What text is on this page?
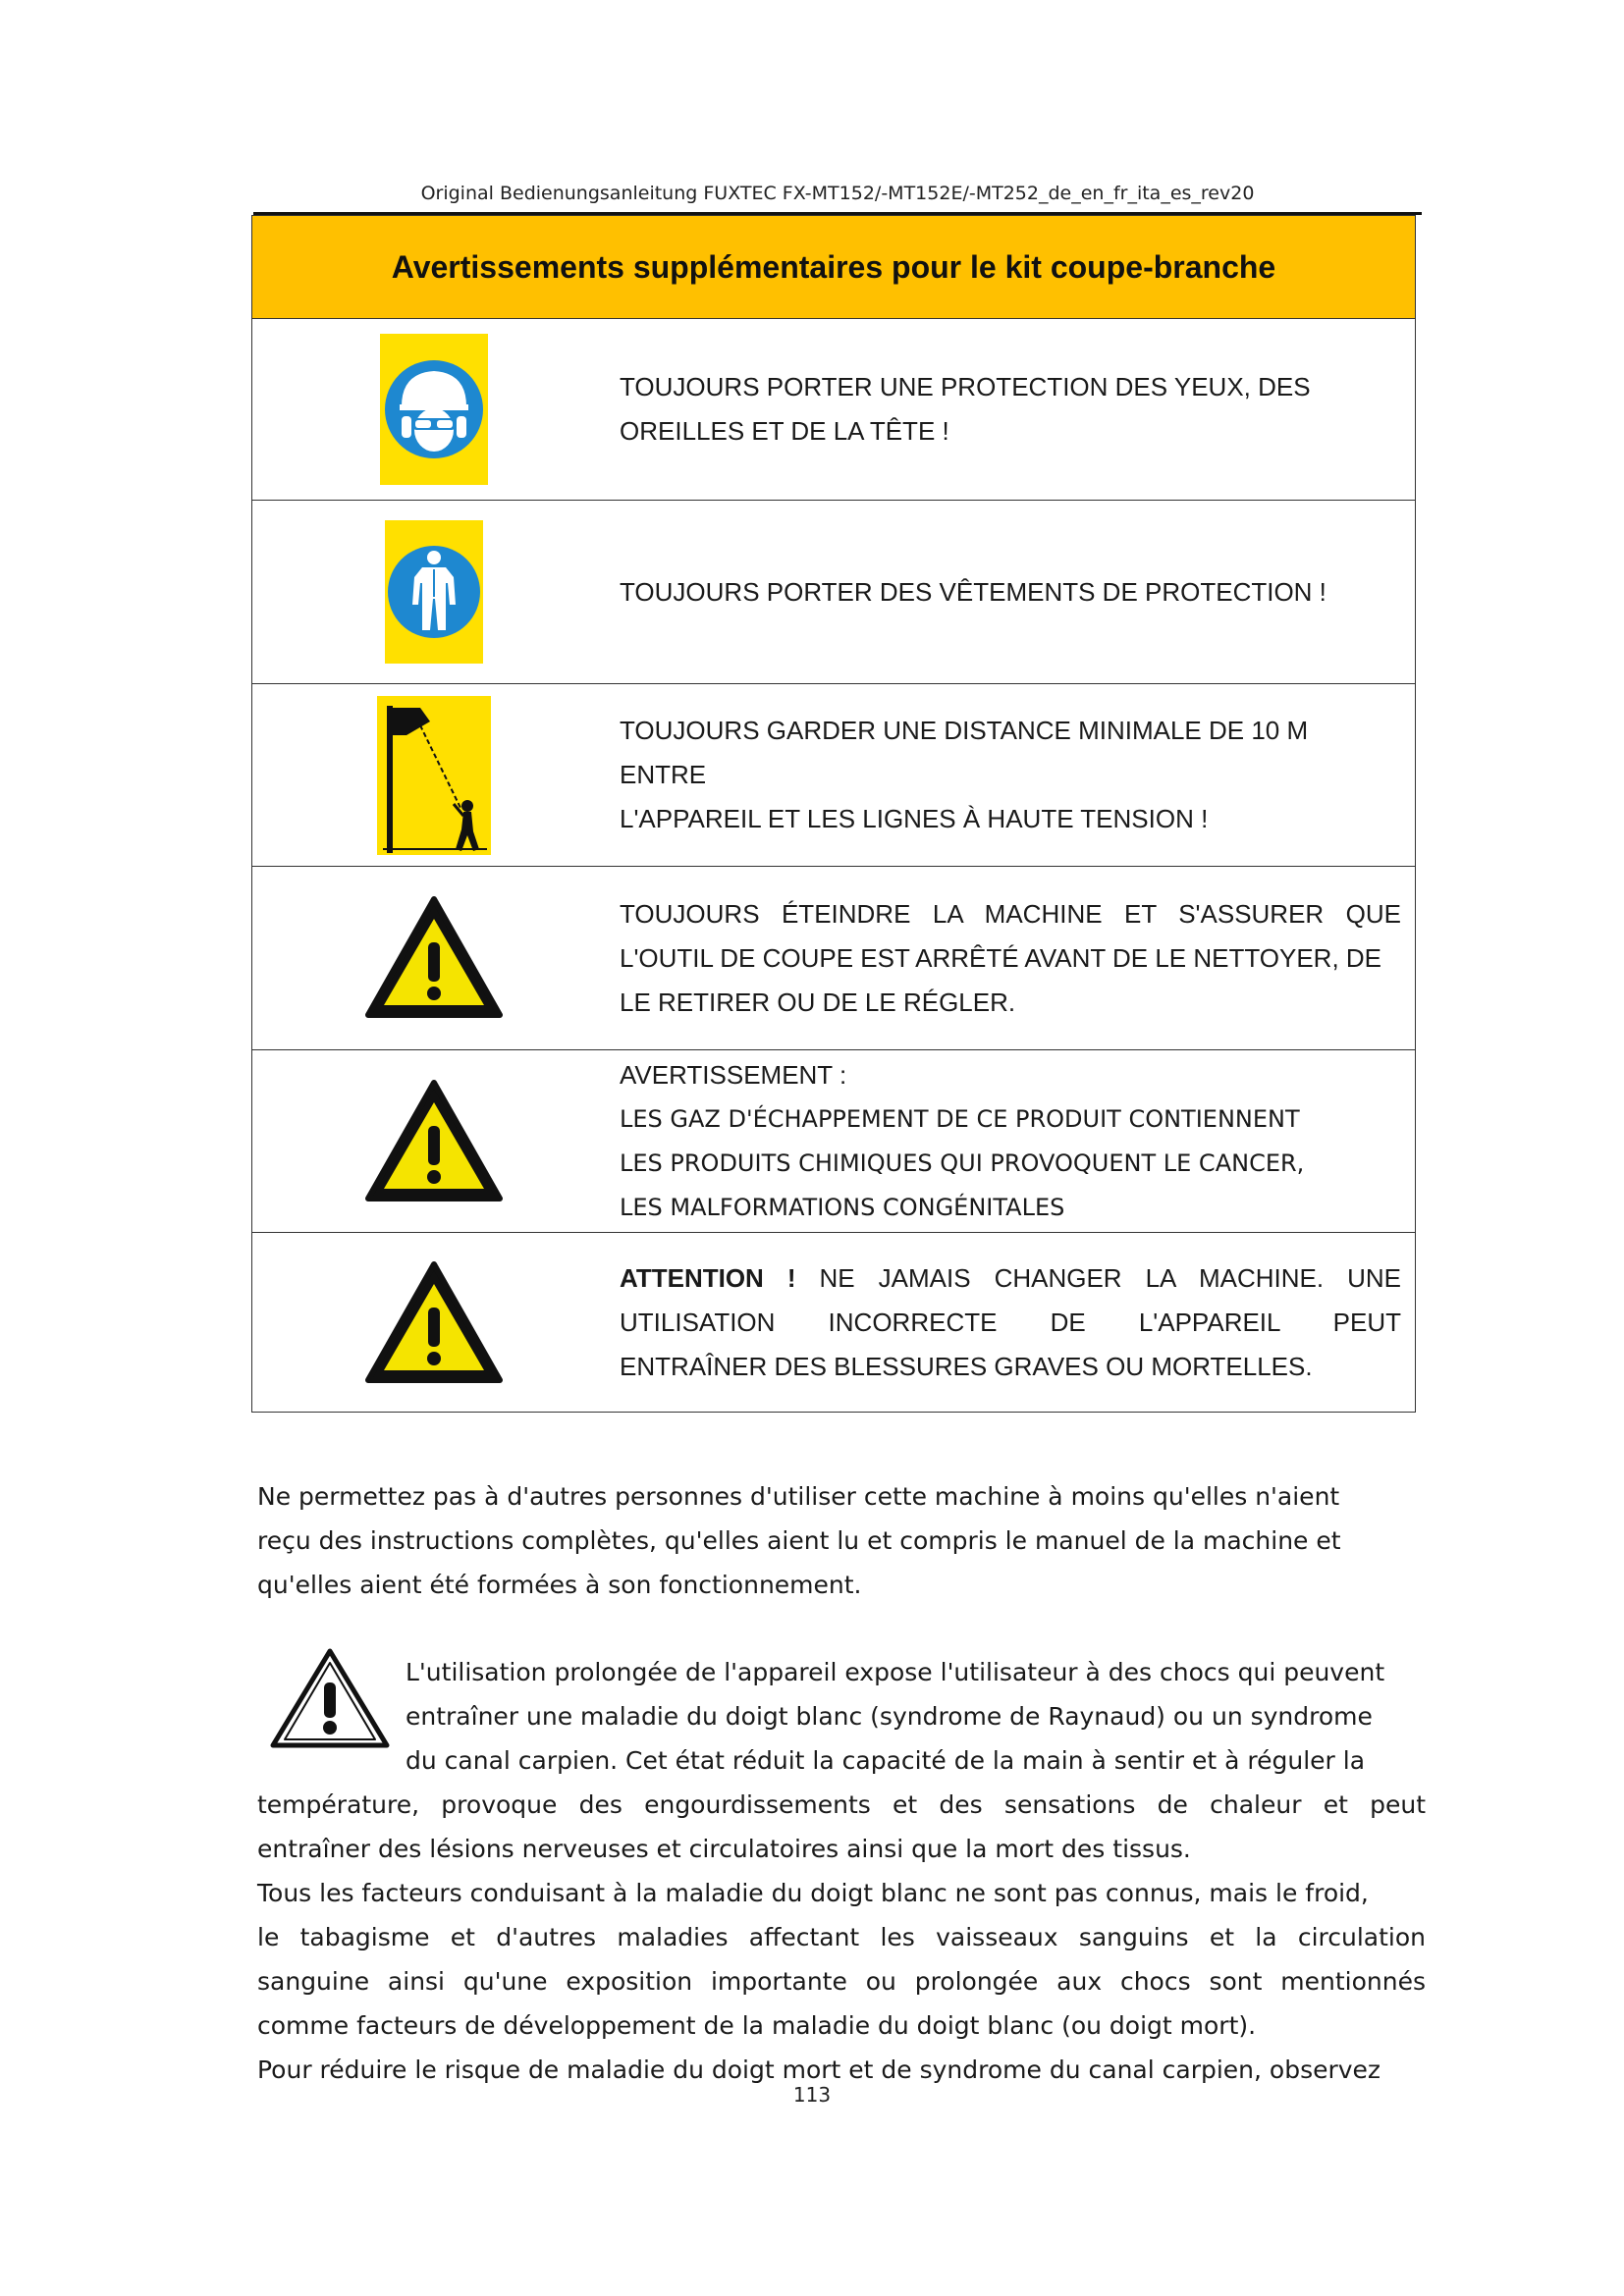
Original Bedienungsanleitung FUXTEC FX-MT152/-MT152E/-MT252_de_en_fr_ita_es_rev20
Avertissements supplémentaires pour le kit coupe-branche
TOUJOURS PORTER UNE PROTECTION DES YEUX, DES
OREILLES ET DE LA TÊTE !
TOUJOURS PORTER DES VÊTEMENTS DE PROTECTION !
TOUJOURS GARDER UNE DISTANCE MINIMALE DE 10 M ENTRE
L'APPAREIL ET LES LIGNES À HAUTE TENSION !
TOUJOURS ÉTEINDRE LA MACHINE ET S'ASSURER QUE
L'OUTIL DE COUPE EST ARRÊTÉ AVANT DE LE NETTOYER, DE
LE RETIRER OU DE LE RÉGLER.
AVERTISSEMENT :
LES GAZ D'ÉCHAPPEMENT DE CE PRODUIT CONTIENNENT
LES PRODUITS CHIMIQUES QUI PROVOQUENT LE CANCER,
LES MALFORMATIONS CONGÉNITALES
ATTENTION ! NE JAMAIS CHANGER LA MACHINE. UNE
UTILISATION INCORRECTE DE L'APPAREIL PEUT
ENTRAÎNER DES BLESSURES GRAVES OU MORTELLES.
Ne permettez pas à d'autres personnes d'utiliser cette machine à moins qu'elles n'aient
reçu des instructions complètes, qu'elles aient lu et compris le manuel de la machine et
qu'elles aient été formées à son fonctionnement.
L'utilisation prolongée de l'appareil expose l'utilisateur à des chocs qui peuvent
entraîner une maladie du doigt blanc (syndrome de Raynaud) ou un syndrome
du canal carpien. Cet état réduit la capacité de la main à sentir et à réguler la
température, provoque des engourdissements et des sensations de chaleur et peut
entraîner des lésions nerveuses et circulatoires ainsi que la mort des tissus.
Tous les facteurs conduisant à la maladie du doigt blanc ne sont pas connus, mais le froid,
le tabagisme et d'autres maladies affectant les vaisseaux sanguins et la circulation
sanguine ainsi qu'une exposition importante ou prolongée aux chocs sont mentionnés
comme facteurs de développement de la maladie du doigt blanc (ou doigt mort).
Pour réduire le risque de maladie du doigt mort et de syndrome du canal carpien, observez
113
